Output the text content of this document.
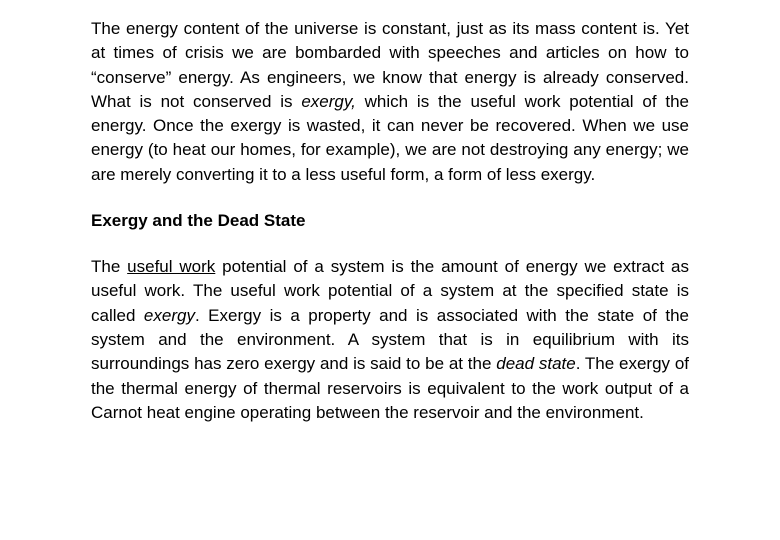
The energy content of the universe is constant, just as its mass content is. Yet at times of crisis we are bombarded with speeches and articles on how to “conserve” energy. As engineers, we know that energy is already conserved. What is not conserved is exergy, which is the useful work potential of the energy. Once the exergy is wasted, it can never be recovered. When we use energy (to heat our homes, for example), we are not destroying any energy; we are merely converting it to a less useful form, a form of less exergy.

Exergy and the Dead State

The useful work potential of a system is the amount of energy we extract as useful work. The useful work potential of a system at the specified state is called exergy. Exergy is a property and is associated with the state of the system and the environment. A system that is in equilibrium with its surroundings has zero exergy and is said to be at the dead state. The exergy of the thermal energy of thermal reservoirs is equivalent to the work output of a Carnot heat engine operating between the reservoir and the environment.
